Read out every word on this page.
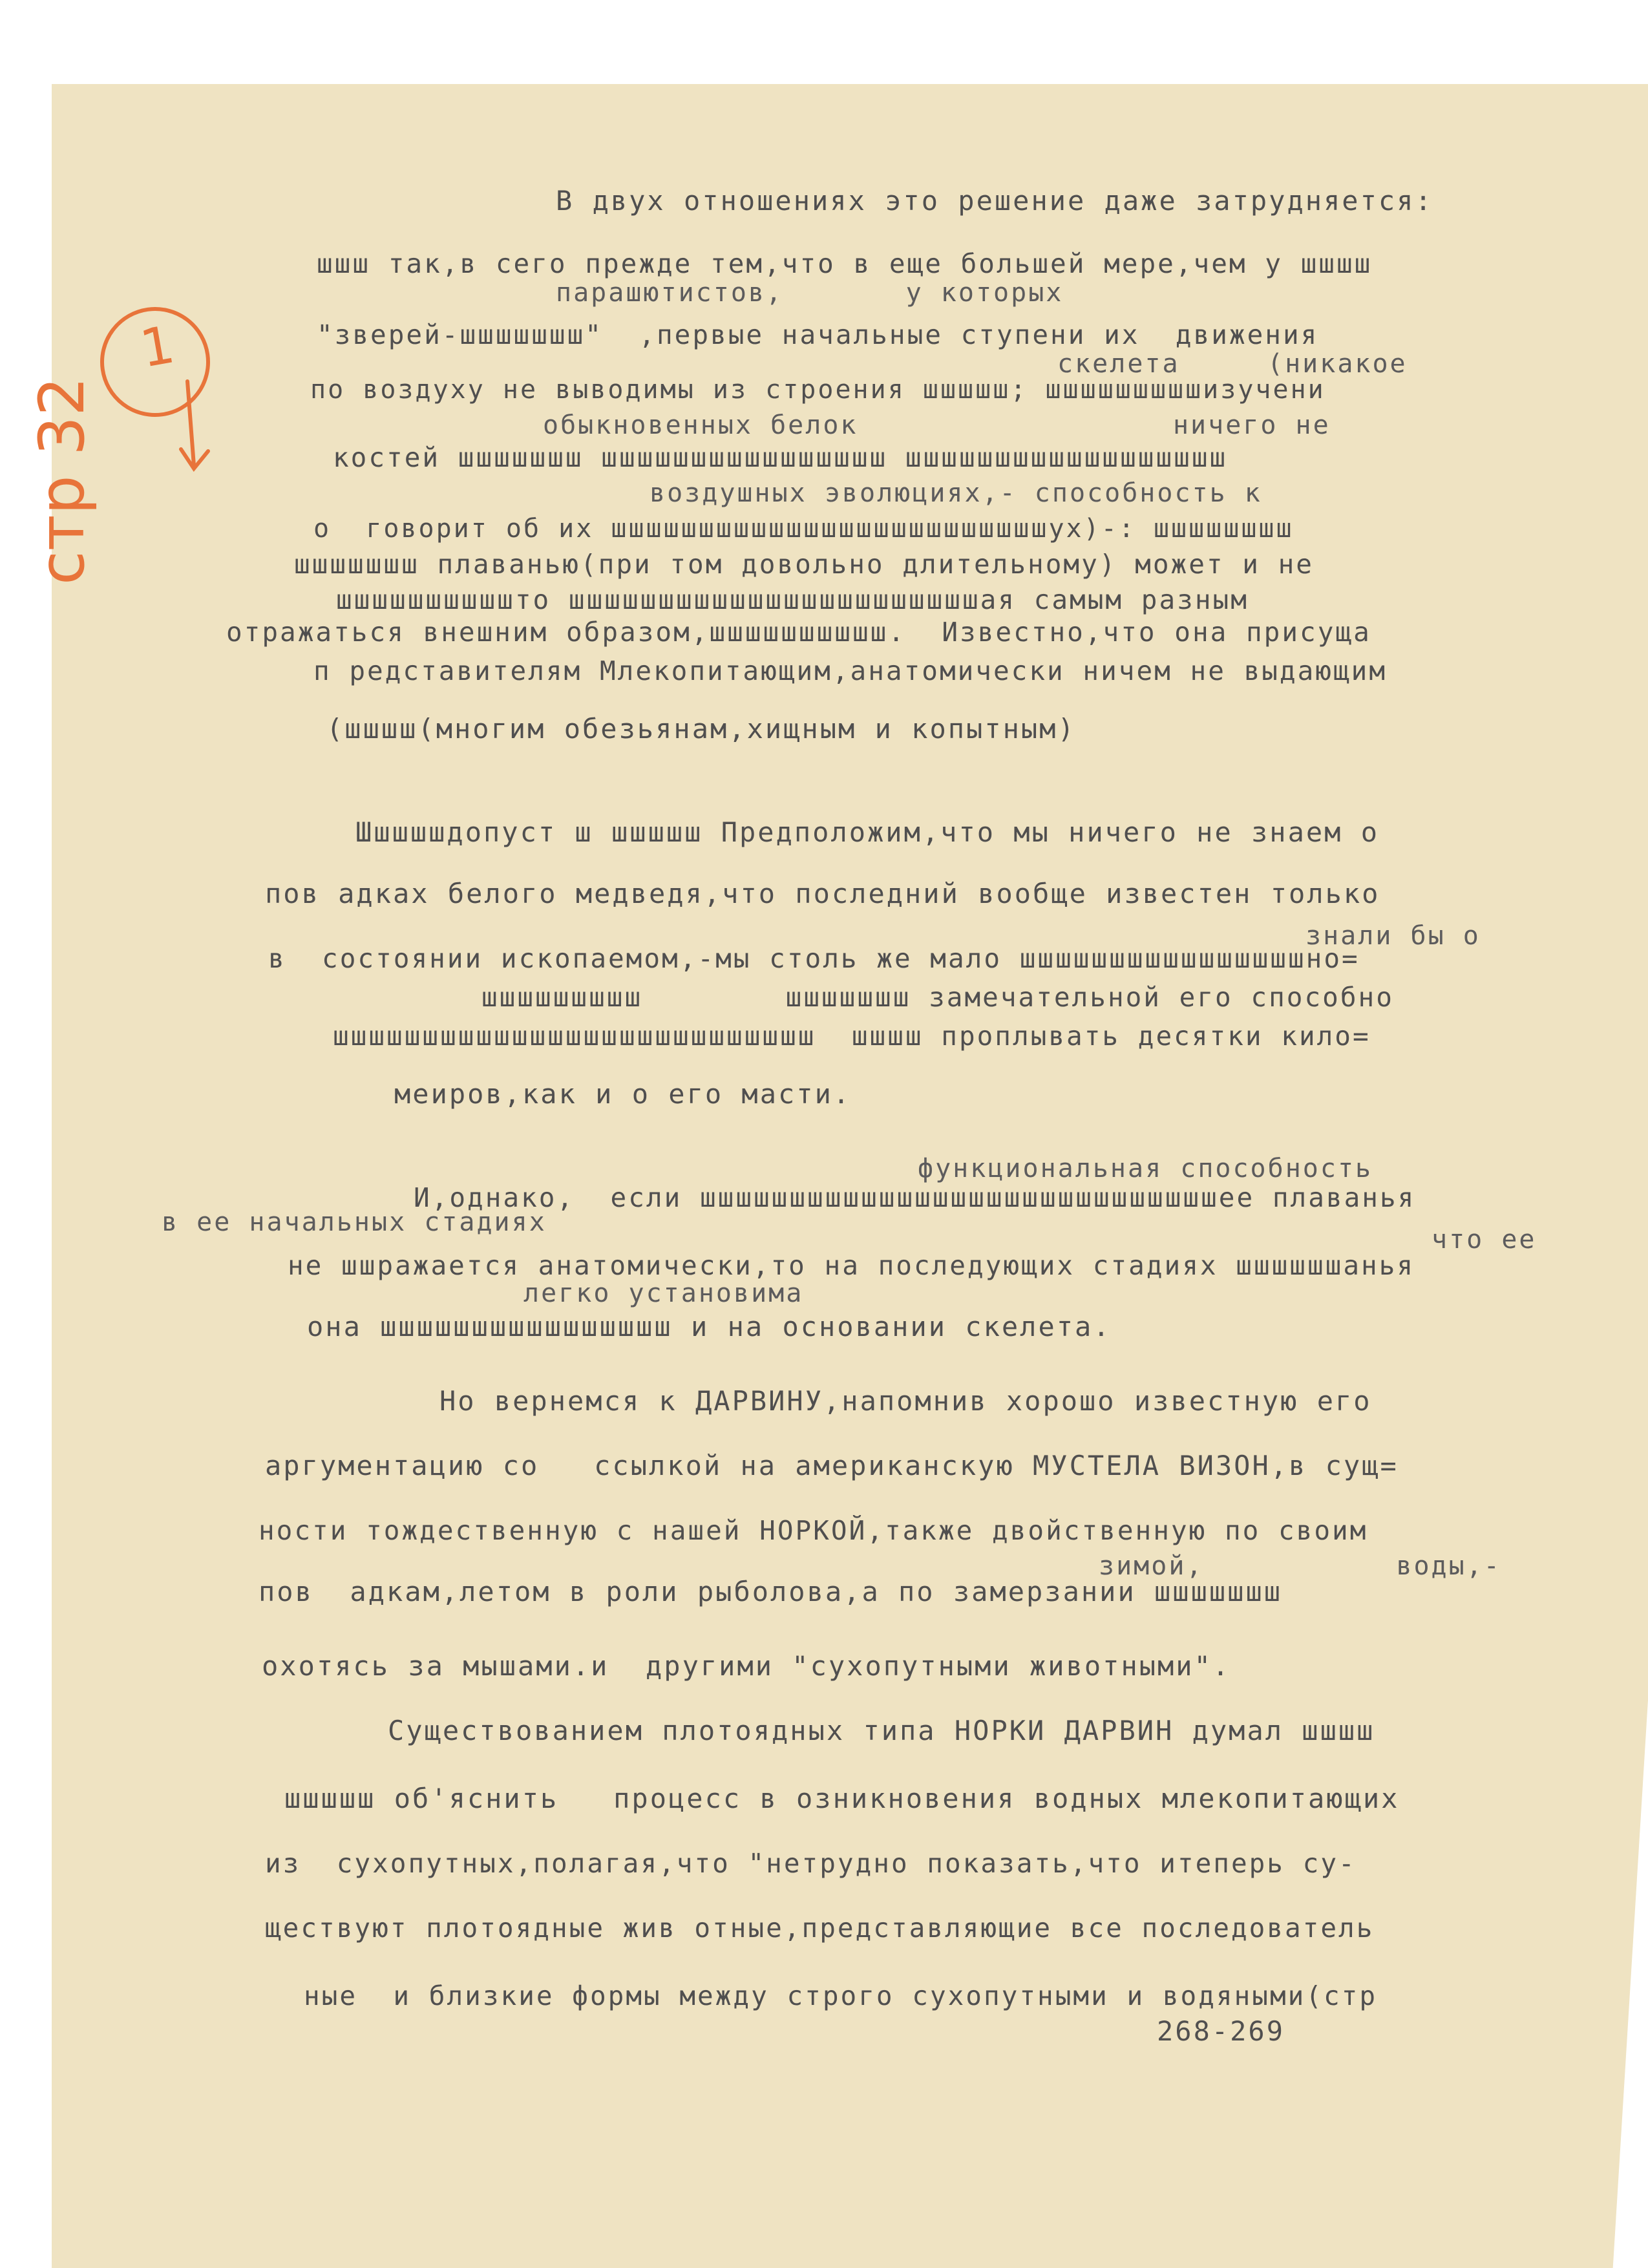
1
стр 32
В двух отношениях это решение даже затрудняется:
шшш так,в сего прежде тем,что в еще большей мере,чем у шшшш
парашютистов,       у которых
"зверей-шшшшшшш"  ,первые начальные ступени их  движения
скелета     (никакое
по воздуху не выводимы из строения шшшшш; шшшшшшшшшизучени
обыкновенных белок                  ничего не
костей шшшшшшш шшшшшшшшшшшшшшшш шшшшшшшшшшшшшшшшшш
воздушных эволюциях,- способность к
о  говорит об их шшшшшшшшшшшшшшшшшшшшшшшшшух)-: шшшшшшшш
шшшшшшш плаванью(при том довольно длительному) может и не
шшшшшшшшшшто шшшшшшшшшшшшшшшшшшшшшшшая самым разным
отражаться внешним образом,шшшшшшшшшш.  Известно,что она присуща
п редставителям Млекопитающим,анатомически ничем не выдающим
(шшшш(многим обезьянам,хищным и копытным)
Шшшшшдопуст ш шшшшш Предположим,что мы ничего не знаем о
пов адках белого медведя,что последний вообще известен только
знали бы о
в  состоянии ископаемом,-мы столь же мало шшшшшшшшшшшшшшшшно=
шшшшшшшшш        шшшшшшш замечательной его способно
шшшшшшшшшшшшшшшшшшшшшшшшшшш  шшшш проплывать десятки кило=
меиров,как и о его масти.
функциональная способность
И,однако,  если шшшшшшшшшшшшшшшшшшшшшшшшшшшшшее плаванья
в ее начальных стадиях
что ее
не шшражается анатомически,то на последующих стадиях шшшшшшанья
легко установима
она шшшшшшшшшшшшшшшш и на основании скелета.
Но вернемся к ДАРВИНУ,напомнив хорошо известную его
аргументацию со   ссылкой на американскую МУСТЕЛА ВИЗОН,в сущ=
ности тождественную с нашей НОРКОЙ,также двойственную по своим
зимой,           воды,-
пов  адкам,летом в роли рыболова,а по замерзании шшшшшшш
охотясь за мышами.и  другими "сухопутными животными".
Существованием плотоядных типа НОРКИ ДАРВИН думал шшшш
шшшшш об'яснить   процесс в озникновения водных млекопитающих
из  сухопутных,полагая,что "нетрудно показать,что итеперь су-
ществуют плотоядные жив отные,представляющие все последователь
ные  и близкие формы между строго сухопутными и водяными(стр
268-269
